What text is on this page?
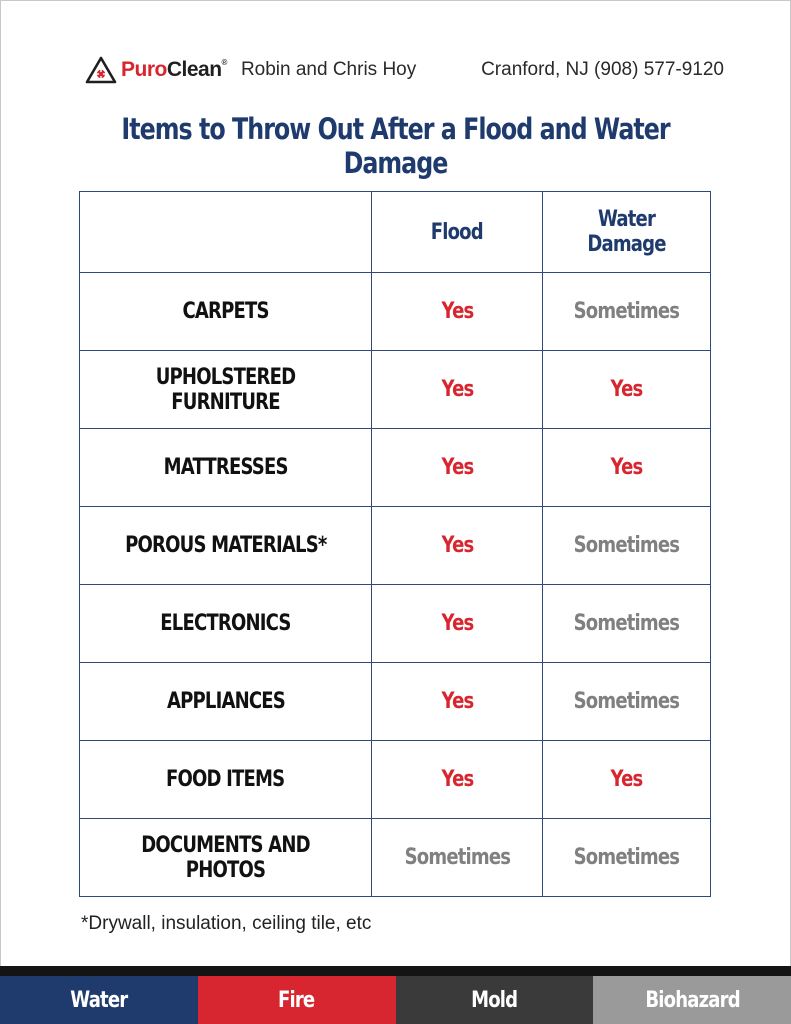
PuroClean® Robin and Chris Hoy	Cranford, NJ (908) 577-9120
Items to Throw Out After a Flood and Water Damage
	Flood	Water Damage
CARPETS	Yes	Sometimes
UPHOLSTERED FURNITURE	Yes	Yes
MATTRESSES	Yes	Yes
POROUS MATERIALS*	Yes	Sometimes
ELECTRONICS	Yes	Sometimes
APPLIANCES	Yes	Sometimes
FOOD ITEMS	Yes	Yes
DOCUMENTS AND PHOTOS	Sometimes	Sometimes
*Drywall, insulation, ceiling tile, etc
Water	Fire	Mold	Biohazard
